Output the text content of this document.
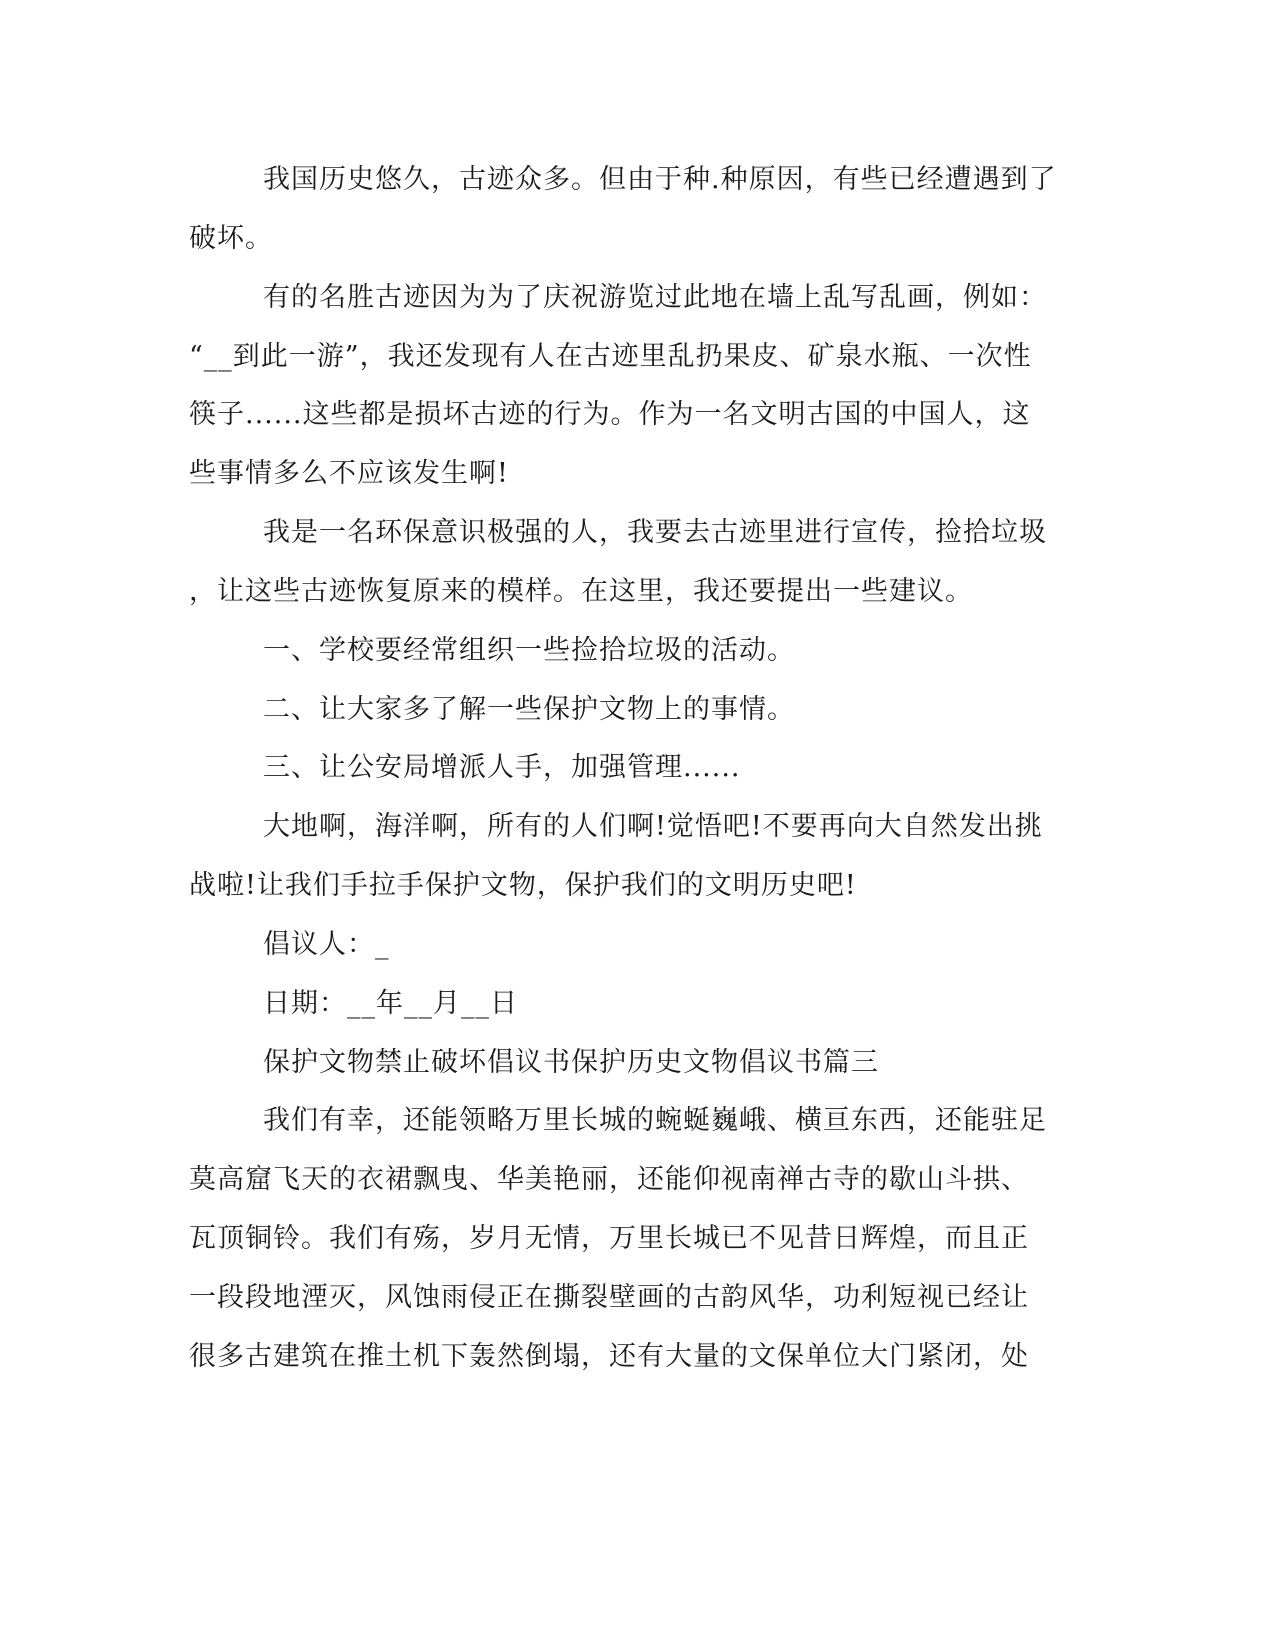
我国历史悠久，古迹众多。但由于种.种原因，有些已经遭遇到了

破坏。

有的名胜古迹因为为了庆祝游览过此地在墙上乱写乱画，例如：

“__到此一游”，我还发现有人在古迹里乱扔果皮、矿泉水瓶、一次性

筷子......这些都是损坏古迹的行为。作为一名文明古国的中国人，这

些事情多么不应该发生啊!

我是一名环保意识极强的人，我要去古迹里进行宣传，捡拾垃圾

，让这些古迹恢复原来的模样。在这里，我还要提出一些建议。

一、学校要经常组织一些捡拾垃圾的活动。

二、让大家多了解一些保护文物上的事情。

三、让公安局增派人手，加强管理......

大地啊，海洋啊，所有的人们啊!觉悟吧!不要再向大自然发出挑

战啦!让我们手拉手保护文物，保护我们的文明历史吧!

倡议人：_

日期：__年__月__日

保护文物禁止破坏倡议书保护历史文物倡议书篇三

我们有幸，还能领略万里长城的蜿蜒巍峨、横亘东西，还能驻足

莫高窟飞天的衣裙飘曳、华美艳丽，还能仰视南禅古寺的歇山斗拱、

瓦顶铜铃。我们有殇，岁月无情，万里长城已不见昔日辉煌，而且正

一段段地湮灭，风蚀雨侵正在撕裂壁画的古韵风华，功利短视已经让

很多古建筑在推土机下轰然倒塌，还有大量的文保单位大门紧闭，处
